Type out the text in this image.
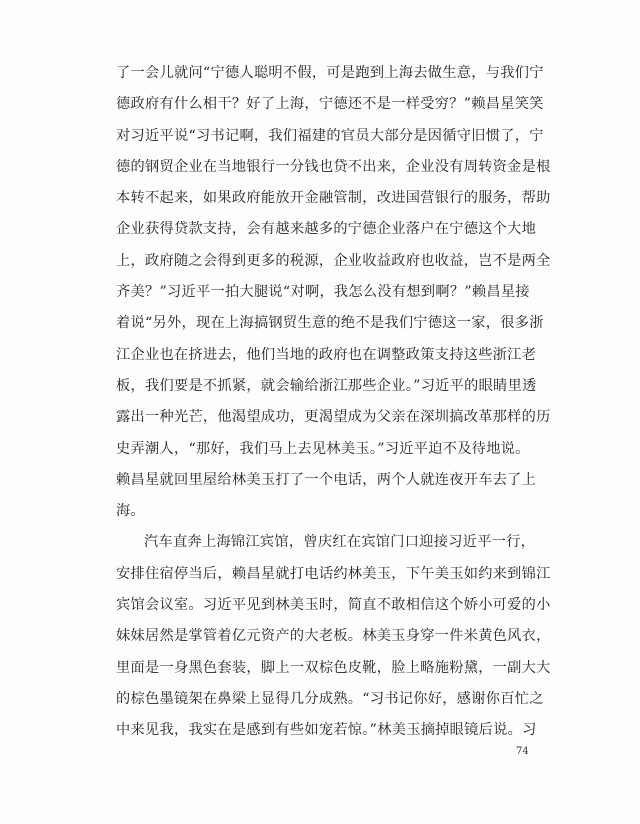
了一会儿就问“宁德人聪明不假，可是跑到上海去做生意，与我们宁
德政府有什么相干？好了上海，宁德还不是一样受穷？”赖昌星笑笑
对习近平说“习书记啊，我们福建的官员大部分是因循守旧惯了，宁
德的钢贸企业在当地银行一分钱也贷不出来，企业没有周转资金是根
本转不起来，如果政府能放开金融管制，改进国营银行的服务，帮助
企业获得贷款支持，会有越来越多的宁德企业落户在宁德这个大地
上，政府随之会得到更多的税源，企业收益政府也收益，岂不是两全
齐美？”习近平一拍大腿说“对啊，我怎么没有想到啊？”赖昌星接
着说“另外，现在上海搞钢贸生意的绝不是我们宁德这一家，很多浙
江企业也在挤进去，他们当地的政府也在调整政策支持这些浙江老
板，我们要是不抓紧，就会输给浙江那些企业。”习近平的眼睛里透
露出一种光芒，他渴望成功，更渴望成为父亲在深圳搞改革那样的历
史弄潮人，“那好，我们马上去见林美玉。”习近平迫不及待地说。
赖昌星就回里屋给林美玉打了一个电话，两个人就连夜开车去了上
海。
汽车直奔上海锦江宾馆，曾庆红在宾馆门口迎接习近平一行，
安排住宿停当后，赖昌星就打电话约林美玉，下午美玉如约来到锦江
宾馆会议室。习近平见到林美玉时，简直不敢相信这个娇小可爱的小
妹妹居然是掌管着亿元资产的大老板。林美玉身穿一件米黄色风衣，
里面是一身黑色套装，脚上一双棕色皮靴，脸上略施粉黛，一副大大
的棕色墨镜架在鼻梁上显得几分成熟。“习书记你好，感谢你百忙之
中来见我，我实在是感到有些如宠若惊。”林美玉摘掉眼镜后说。习
74
